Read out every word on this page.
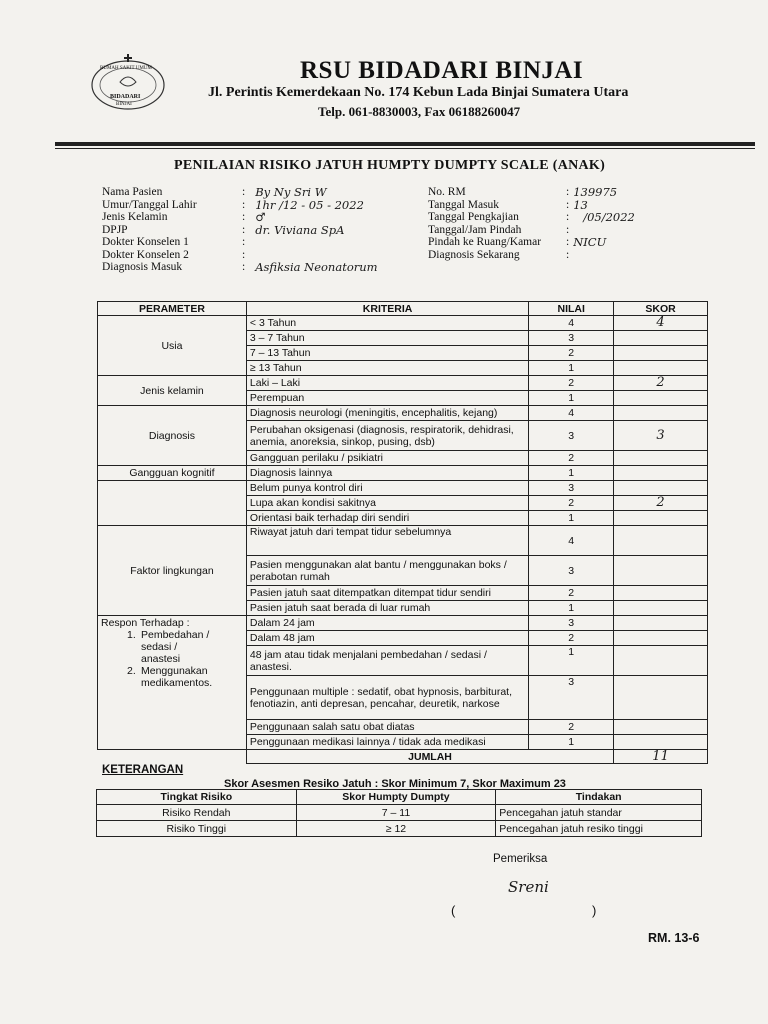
RUMAH SAKIT UMUM
BIDADARI
BINJAI
RSU BIDADARI BINJAI
Jl. Perintis Kemerdekaan No. 174 Kebun Lada Binjai Sumatera Utara
Telp. 061-8830003, Fax 06188260047
PENILAIAN RISIKO JATUH HUMPTY DUMPTY SCALE (ANAK)
Nama Pasien	: By Ny Sri W
Umur/Tanggal Lahir	: 1hr /12 - 05 - 2022
Jenis Kelamin	: ♂
DPJP	: dr. Viviana SpA
Dokter Konselen 1	:
Dokter Konselen 2	:
Diagnosis Masuk	: Asfiksia Neonatorum
No. RM	: 139975
Tanggal Masuk	: 13
Tanggal Pengkajian	: /05/2022
Tanggal/Jam Pindah	:
Pindah ke Ruang/Kamar	: NICU
Diagnosis Sekarang	:
PERAMETER	KRITERIA	NILAI	SKOR
Usia	< 3 Tahun	4	4
	3 – 7 Tahun	3	
	7 – 13 Tahun	2	
	≥ 13 Tahun	1	
Jenis kelamin	Laki – Laki	2	2
	Perempuan	1	
Diagnosis	Diagnosis neurologi (meningitis, encephalitis, kejang)	4	
	Perubahan oksigenasi (diagnosis, respiratorik, dehidrasi, anemia, anoreksia, sinkop, pusing, dsb)	3	3
	Gangguan perilaku / psikiatri	2	
Gangguan kognitif	Diagnosis lainnya	1	
	Belum punya kontrol diri	3	
	Lupa akan kondisi sakitnya	2	2
	Orientasi baik terhadap diri sendiri	1	
Faktor lingkungan	Riwayat jatuh dari tempat tidur sebelumnya	4	
	Pasien menggunakan alat bantu / menggunakan boks / perabotan rumah	3	
	Pasien jatuh saat ditempatkan ditempat tidur sendiri	2	
	Pasien jatuh saat berada di luar rumah	1	

Respon Terhadap :
1. Pembedahan / sedasi / anastesi
2. Menggunakan medikamentos.	Dalam 24 jam	3	
	Dalam 48 jam	2	
	48 jam atau tidak menjalani pembedahan / sedasi / anastesi.	1	
	Penggunaan multiple : sedatif, obat hypnosis, barbiturat, fenotiazin, anti depresan, pencahar, deuretik, narkose	3	
	Penggunaan salah satu obat diatas	2	
	Penggunaan medikasi lainnya / tidak ada medikasi	1	
	JUMLAH		11
KETERANGAN
Skor Asesmen Resiko Jatuh : Skor Minimum 7, Skor Maximum 23
Tingkat Risiko	Skor Humpty Dumpty	Tindakan
Risiko Rendah	7 – 11	Pencegahan jatuh standar
Risiko Tinggi	≥ 12	Pencegahan jatuh resiko tinggi
Pemeriksa
Sreni
(	)
RM. 13-6
